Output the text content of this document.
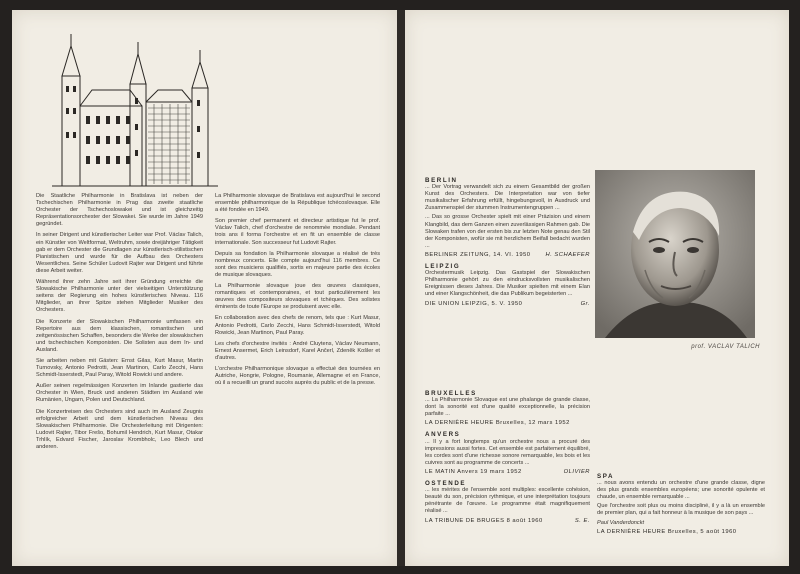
Die Staatliche Philharmonie in Bratislava ist neben der Tschechischen Philharmonie in Prag das zweite staatliche Orchester der Tschechoslowakei und ist gleichzeitig Repräsentationsorchester der Slowakei. Sie wurde im Jahre 1949 gegründet.

In seiner Dirigent und künstlerischer Leiter war Prof. Václav Talich, ein Künstler von Weltformat, Weltruhm, sowie dreijähriger Tätigkeit gab er dem Orchester die Grundlagen zur künstlerisch-stilistischen Pianistischen und wurde für die Aufbau des Orchesters Wesentliches. Seine Schüler Ludovit Rajter war Dirigent und führte diese Arbeit weiter.

Während ihrer zehn Jahre seit ihrer Gründung erreichte die Slowakische Philharmonie unter der vielseitigen Unterstützung seitens der Regierung ein hohes künstlerisches Niveau. 116 Mitglieder, an ihrer Spitze stehen Mitglieder Musiker des Orchesters.

Die Konzerte der Slowakischen Philharmonie umfassen ein Repertoire aus dem klassischen, romantischen und zeitgenössischen Schaffen, besonders die Werke der slowakischen und tschechischen Komponisten. Die Solisten aus dem In- und Ausland.

Sie arbeiten neben mit Gästen: Ernst Gilas, Kurt Masur, Martin Turnovsky, Antonio Pedrotti, Jean Martinon, Carlo Zecchi, Hans Schmidt-Isserstedt, Paul Paray, Witold Rowicki und andere.

Außer seinen regelmässigen Konzerten im Inlande gastierte das Orchester in Wien, Bruck und anderen Städten im Ausland wie Rumänien, Ungarn, Polen und Deutschland.

Die Konzertreisen des Orchesters sind auch im Ausland Zeugnis erfolgreicher Arbeit und dem künstlerischen Niveau des Slowakischen Philharmonie. Die Orchesterleitung mit Dirigenten: Ludovit Rajter, Tibor Frešo, Bohumil Hendrich, Kurt Masur, Otakar Trhlík, Edvard Fischer, Jaroslav Krombholc, Leo Blech und anderen.

La Philharmonie slovaque de Bratislava est aujourd'hui le second ensemble philharmonique de la République tchécoslovaque. Elle a été fondée en 1949.

Son premier chef permanent et directeur artistique fut le prof. Václav Talich, chef d'orchestre de renommée mondiale. Pendant trois ans il forma l'orchestre et en fit un ensemble de classe internationale. Son successeur fut Ludovit Rajter.

Depuis sa fondation la Philharmonie slovaque a réalisé de très nombreux concerts. Elle compte aujourd'hui 116 membres. Ce sont des musiciens qualifiés, sortis en majeure partie des écoles de musique slovaques.

La Philharmonie slovaque joue des œuvres classiques, romantiques et contemporaines, et tout particulièrement les œuvres des compositeurs slovaques et tchèques. Des solistes éminents de toute l'Europe se produisent avec elle.

En collaboration avec des chefs de renom, tels que : Kurt Masur, Antonio Pedrotti, Carlo Zecchi, Hans Schmidt-Isserstedt, Witold Rowicki, Jean Martinon, Paul Paray.

Les chefs d'orchestre invités : André Cluytens, Václav Neumann, Ernest Ansermet, Erich Leinsdorf, Karel Ančerl, Zdeněk Košler et d'autres.

L'orchestre Philharmonique slovaque a effectué des tournées en Autriche, Hongrie, Pologne, Roumanie, Allemagne et en France, où il a recueilli un grand succès auprès du public et de la presse.

BERLIN

... Der Vortrag verwandelt sich zu einem Gesamtbild der großen Kunst des Orchesters. Die Interpretation war von tiefer musikalischer Erfahrung erfüllt, hingebungsvoll, in Ausdruck und Zusammenspiel der stummen Instrumentengruppen ...

... Das so grosse Orchester spielt mit einer Präzision und einem Klangbild, das dem Ganzen einen zuverlässigen Rahmen gab. Die Slowaken trafen von der ersten bis zur letzten Note genau den Stil der Komponisten, wofür sie mit herzlichem Beifall bedacht wurden ...

BERLINER ZEITUNG, 14. VI. 1950	H. SCHAEFER
LEIPZIG

Orchestermusik Leipzig. Das Gastspiel der Slowakischen Philharmonie gehört zu den eindrucksvollsten musikalischen Ereignissen dieses Jahres. Die Musiker spielten mit einem Elan und einer Klangschönheit, die das Publikum begeisterten ...

DIE UNION LEIPZIG, 5. V. 1950	Gr.
prof. VACLAV TALICH
BRUXELLES

... La Philharmonie Slovaque est une phalange de grande classe, dont la sonorité est d'une qualité exceptionnelle, la précision parfaite ...

LA DERNIÈRE HEURE Bruxelles, 12 mars 1952
ANVERS

... Il y a fort longtemps qu'un orchestre nous a procuré des impressions aussi fortes. Cet ensemble est parfaitement équilibré, les cordes sont d'une richesse sonore remarquable, les bois et les cuivres sont au programme de concerts ...

LE MATIN Anvers 19 mars 1952	OLIVIER
OSTENDE

... les mérites de l'ensemble sont multiples: excellente cohésion, beauté du son, précision rythmique, et une interprétation toujours pénétrante de l'œuvre. Le programme était magnifiquement réalisé ...

LA TRIBUNE DE BRUGES 8 août 1960	S. E.
SPA

... nous avons entendu un orchestre d'une grande classe, digne des plus grands ensembles européens; une sonorité opulente et chaude, un ensemble remarquable ...

Que l'orchestre soit plus ou moins discipliné, il y a là un ensemble de premier plan, qui a fait honneur à la musique de son pays ...

Paul Vanderdonckt

LA DERNIÈRE HEURE Bruxelles, 5 août 1960
